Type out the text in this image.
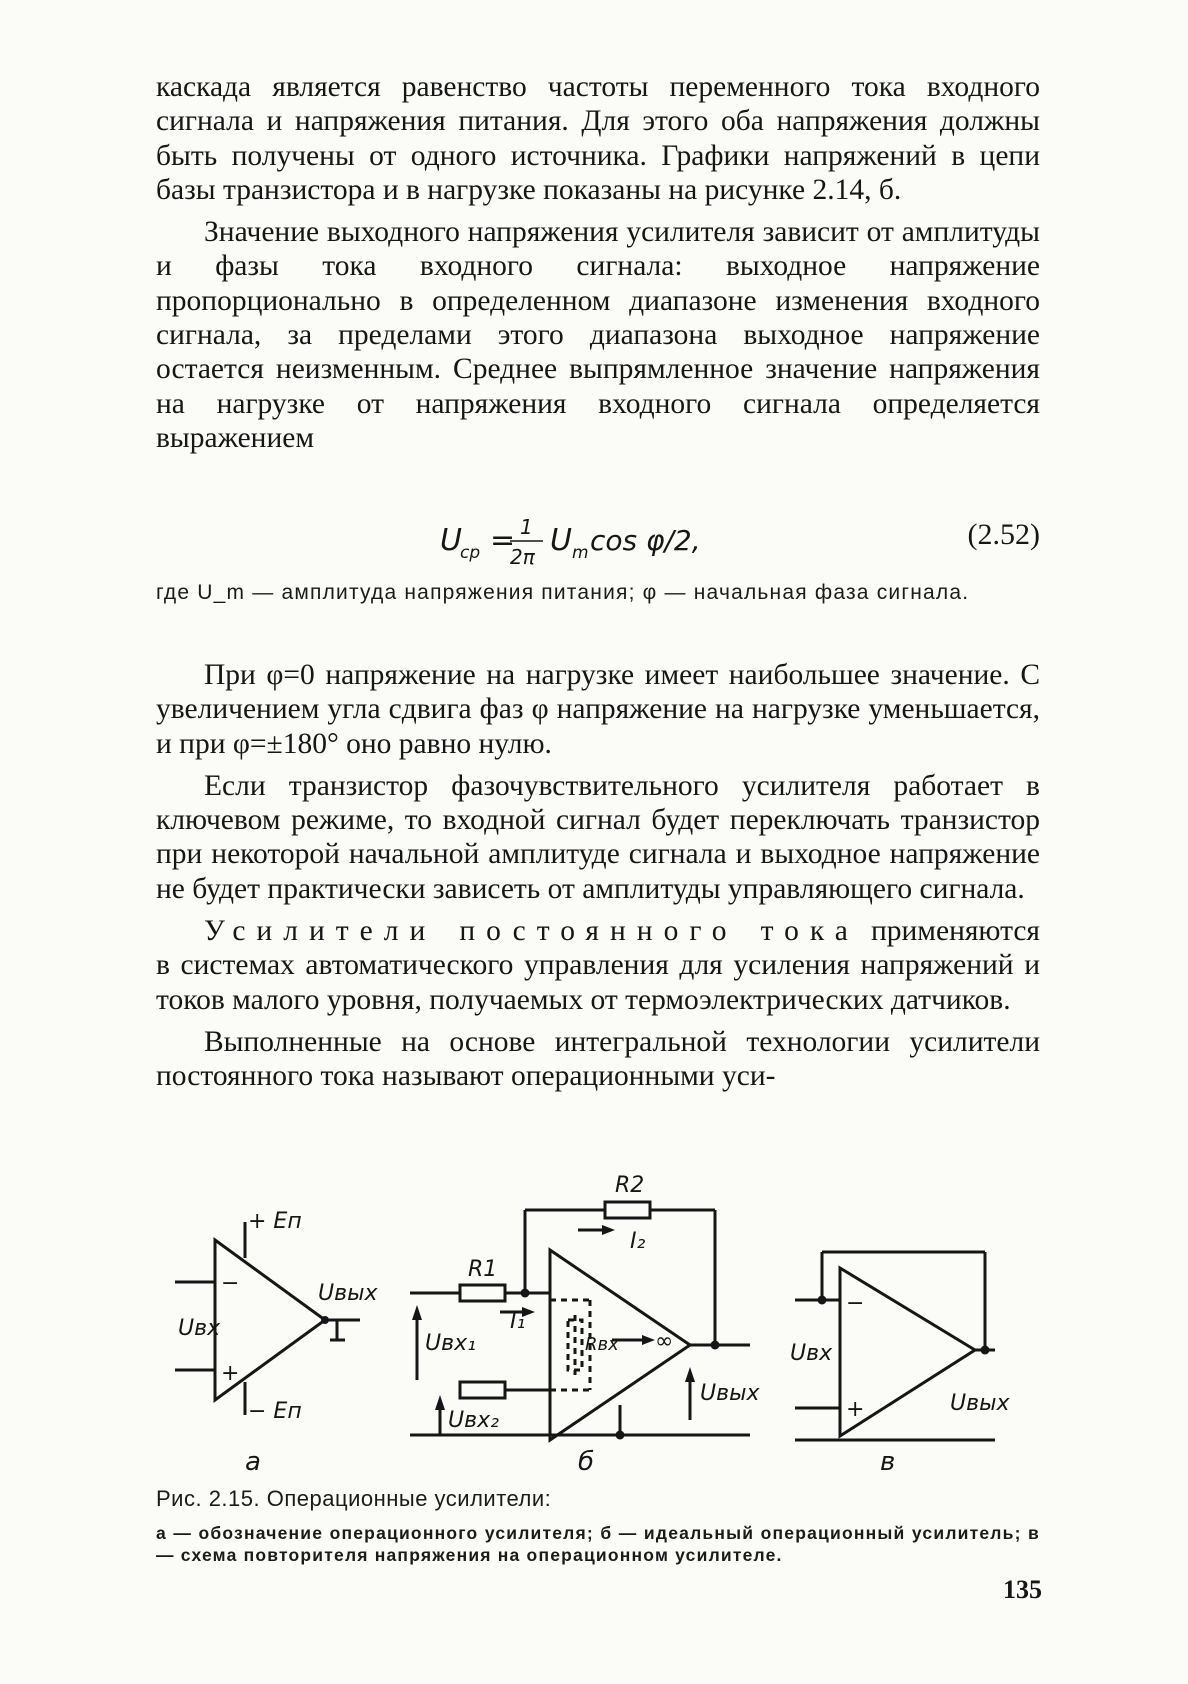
каскада является равенство частоты переменного тока входного сигнала и напряжения питания. Для этого оба напряжения должны быть получены от одного источника. Графики напряжений в цепи базы транзистора и в нагрузке показаны на рисунке 2.14, б.

Значение выходного напряжения усилителя зависит от амплитуды и фазы тока входного сигнала: выходное напряжение пропорционально в определенном диапазоне изменения входного сигнала, за пределами этого диапазона выходное напряжение остается неизменным. Среднее выпрямленное значение напряжения на нагрузке от напряжения входного сигнала определяется выражением

U
ср = 1
2π U m cos φ/2,	(2.52)
где U_m — амплитуда напряжения питания; φ — начальная фаза сигнала.

При φ=0 напряжение на нагрузке имеет наибольшее значение. С увеличением угла сдвига фаз φ напряжение на нагрузке уменьшается, и при φ=±180° оно равно нулю.

Если транзистор фазочувствительного усилителя работает в ключевом режиме, то входной сигнал будет переключать транзистор при некоторой начальной амплитуде сигнала и выходное напряжение не будет практически зависеть от амплитуды управляющего сигнала.

Усилители постоянного тока применяются в системах автоматического управления для усиления напряжений и токов малого уровня, получаемых от термоэлектрических датчиков.

Выполненные на основе интегральной технологии усилители постоянного тока называют операционными уси-

+ Eп
− Eп
Uвх
Uвых
−
+
R1
R2
I₁
I₂
Rвх ∞
Uвх₁
Uвх₂
Uвых
Uвх
Uвых
−
+
а	б	в
Рис. 2.15. Операционные усилители:
а — обозначение операционного усилителя; б — идеальный операционный усилитель; в — схема повторителя напряжения на операционном усилителе.
135
